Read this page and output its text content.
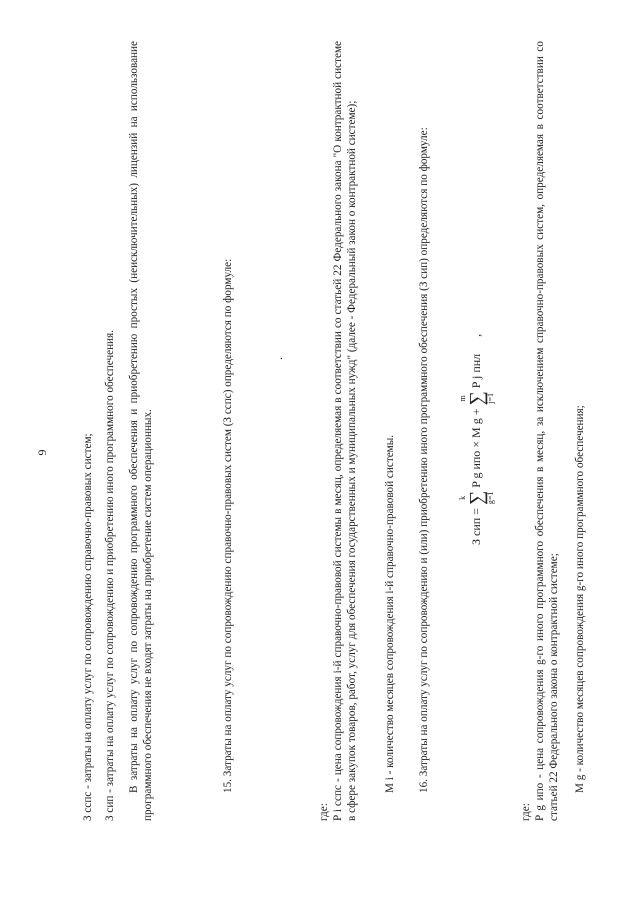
9	З сспс - затраты на оплату услуг по сопровождению справочно-правовых систем; З сип - затраты на оплату услуг по сопровождению и приобретению иного программного обеспечения. В затраты на оплату услуг по сопровождению программного обеспечения и приобретению простых (неисключительных) лицензий на использование программного обеспечения не входят затраты на приобретение систем операционных.	15. Затраты на оплату услуг по сопровождению справочно-правовых систем (З сспс) определяются по формуле:	.

где: P i сспс - цена сопровождения i-й справочно-правовой системы в месяц, определяемая в соответствии со статьей 22 Федерального закона "О контрактной системе в сфере закупок товаров, работ, услуг для обеспечения государственных и муниципальных нужд" (далее - Федеральный закон о контрактной системе); M i - количество месяцев сопровождения i-й справочно-правовой системы. 16. Затраты на оплату услуг по сопровождению и (или) приобретению иного программного обеспечения (З сип) определяются по формуле:	З сип =
k ∑
g=1
P g ипо × M g +
m ∑
j=1
P j пнл ,

где: P g ипо - цена сопровождения g-го иного программного обеспечения в месяц, за исключением справочно-правовых систем, определяемая в соответствии со статьей 22 Федерального закона о контрактной системе; M g - количество месяцев сопровождения g-го иного программного обеспечения;
